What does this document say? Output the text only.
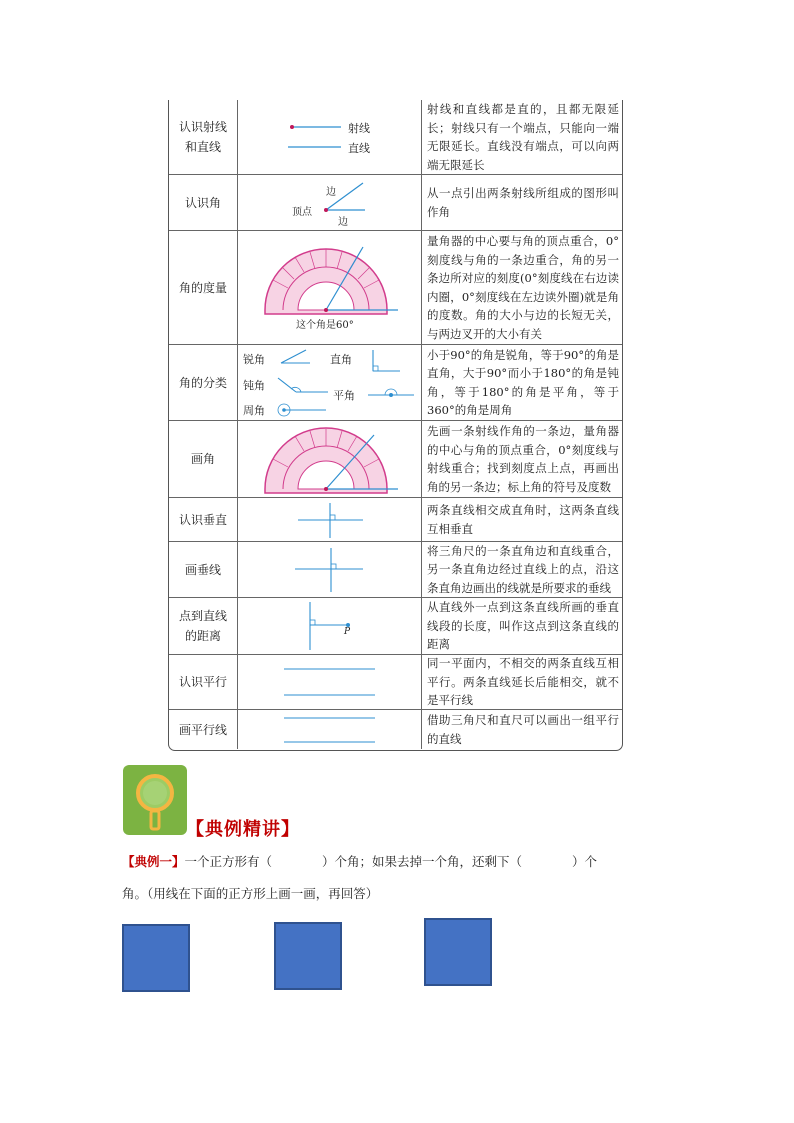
认识射线
和直线
射线
直线
射线和直线都是直的，且都无限延长；射线只有一个端点，只能向一端无限延长。直线没有端点，可以向两端无限延长
认识角
边
顶点
边
从一点引出两条射线所组成的图形叫作角
角的度量
这个角是60°
量角器的中心要与角的顶点重合，0°刻度线与角的一条边重合，角的另一条边所对应的刻度(0°刻度线在右边读内圈，0°刻度线在左边读外圈)就是角的度数。角的大小与边的长短无关，与两边叉开的大小有关
角的分类
锐角	直角
钝角
平角
周角
小于90°的角是锐角，等于90°的角是直角，大于90°而小于180°的角是钝角，等于180°的角是平角，等于360°的角是周角
画角
先画一条射线作角的一条边，量角器的中心与角的顶点重合，0°刻度线与射线重合；找到刻度点上点，再画出角的另一条边；标上角的符号及度数
认识垂直
两条直线相交成直角时，这两条直线互相垂直
画垂线
将三角尺的一条直角边和直线重合，另一条直角边经过直线上的点，沿这条直角边画出的线就是所要求的垂线
点到直线
的距离	P
从直线外一点到这条直线所画的垂直线段的长度，叫作这点到这条直线的距离
认识平行
同一平面内，不相交的两条直线互相平行。两条直线延长后能相交，就不是平行线
画平行线
借助三角尺和直尺可以画出一组平行的直线
【典例精讲】
【典例一】一个正方形有（　　　　）个角；如果去掉一个角，还剩下（　　　　）个
角。（用线在下面的正方形上画一画，再回答）
